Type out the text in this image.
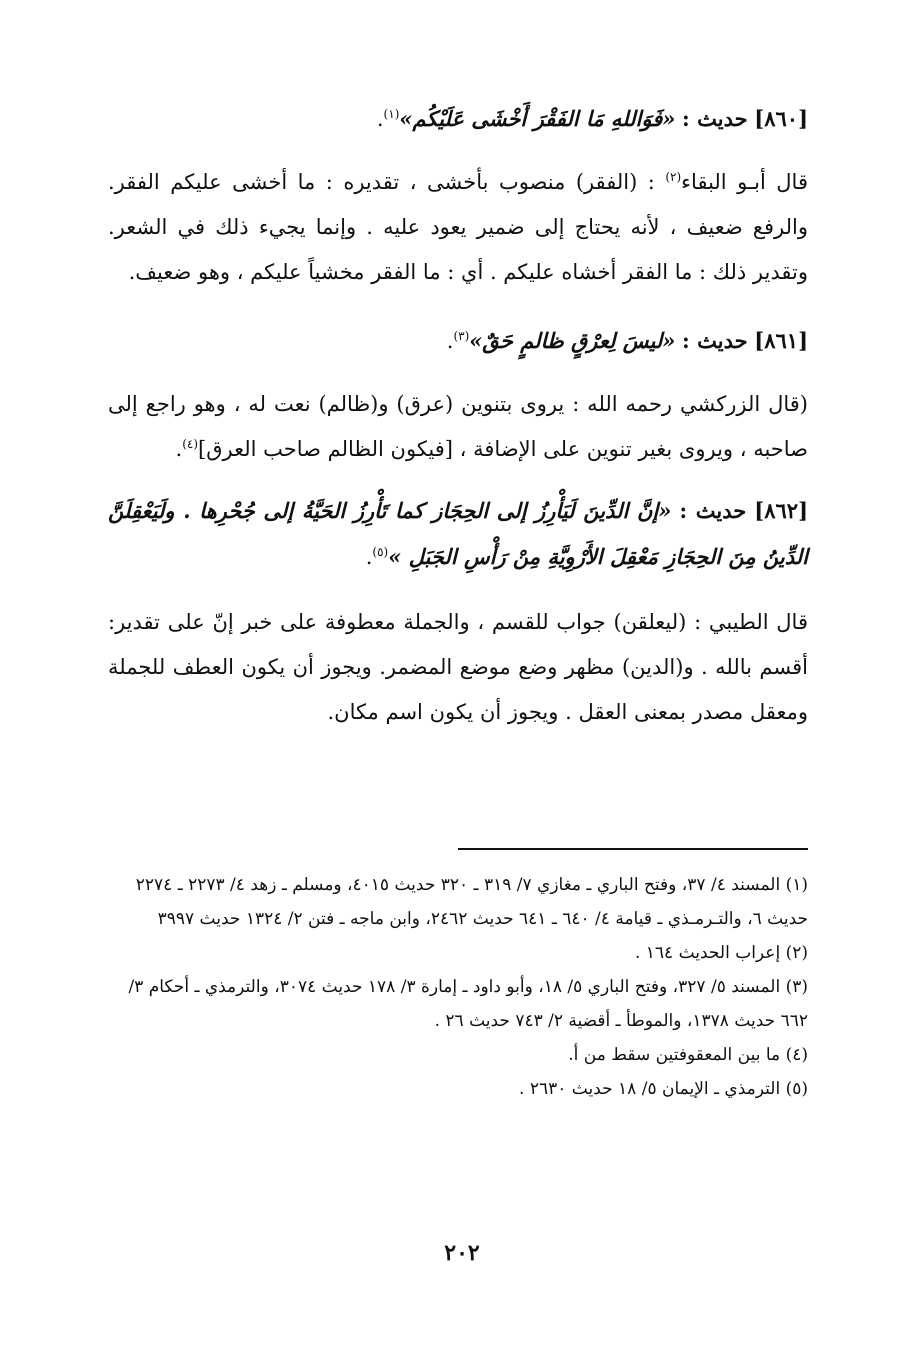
[٨٦٠] حديث : «فَوَاللهِ مَا الفَقْرَ أَخْشَى عَلَيْكُم»$^{(١)}$.

قال أبـو البقاء$^{(٢)}$ : (الفقر) منصوب بأخشى ، تقديره : ما أخشى عليكم الفقر. والرفع ضعيف ، لأنه يحتاج إلى ضمير يعود عليه . وإنما يجيء ذلك في الشعر. وتقدير ذلك : ما الفقر أخشاه عليكم . أي : ما الفقر مخشياً عليكم ، وهو ضعيف.

[٨٦١] حديث : «ليسَ لِعرْقٍ ظالمٍ حَقٌ»$^{(٣)}$.

(قال الزركشي رحمه الله : يروى بتنوين (عرق) و(ظالم) نعت له ، وهو راجع إلى صاحبه ، ويروى بغير تنوين على الإضافة ، [فيكون الظالم صاحب العرق]$^{(٤)}$.

[٨٦٢] حديث : «إنَّ الدِّينَ لَيَأْرِزُ إلى الحِجَاز كما تَأْرِزُ الحَيَّةُ إلى جُحْرِها . ولَيَعْقِلَنَّ الدِّينُ مِنَ الحِجَازِ مَعْقِلَ الأَرْوِيَّةِ مِنْ رَأْسِ الجَبَلِ »$^{(٥)}$.

قال الطيبي : (ليعلقن) جواب للقسم ، والجملة معطوفة على خبر إنّ على تقدير: أقسم بالله . و(الدين) مظهر وضع موضع المضمر. ويجوز أن يكون العطف للجملة ومعقل مصدر بمعنى العقل . ويجوز أن يكون اسم مكان.

(١) المسند ٤/ ٣٧، وفتح الباري ـ مغازي ٧/ ٣١٩ ـ ٣٢٠ حديث ٤٠١٥، ومسلم ـ زهد ٤/ ٢٢٧٣ ـ ٢٢٧٤ حديث ٦، والتـرمـذي ـ قيامة ٤/ ٦٤٠ ـ ٦٤١ حديث ٢٤٦٢، وابن ماجه ـ فتن ٢/ ١٣٢٤ حديث ٣٩٩٧

(٢) إعراب الحديث ١٦٤ .

(٣) المسند ٥/ ٣٢٧، وفتح الباري ٥/ ١٨، وأبو داود ـ إمارة ٣/ ١٧٨ حديث ٣٠٧٤، والترمذي ـ أحكام ٣/ ٦٦٢ حديث ١٣٧٨، والموطأ ـ أقضية ٢/ ٧٤٣ حديث ٢٦ .

(٤) ما بين المعقوفتين سقط من أ.

(٥) الترمذي ـ الإيمان ٥/ ١٨ حديث ٢٦٣٠ .

٢٠٢
